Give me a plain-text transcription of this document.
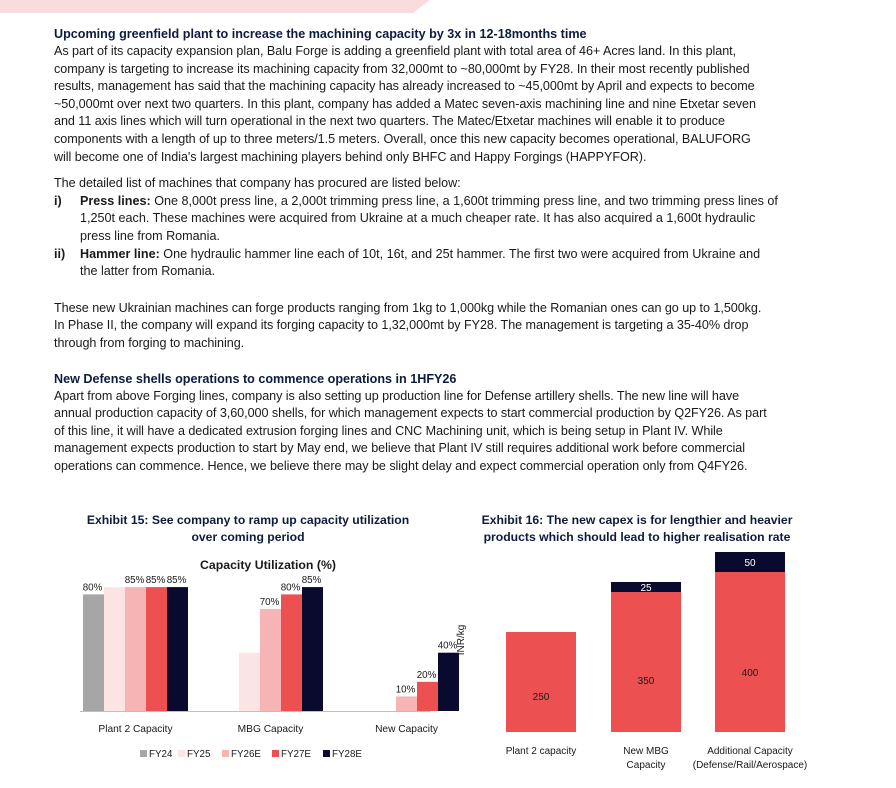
Upcoming greenfield plant to increase the machining capacity by 3x in 12-18months time

As part of its capacity expansion plan, Balu Forge is adding a greenfield plant with total area of 46+ Acres land. In this plant,

company is targeting to increase its machining capacity from 32,000mt to ~80,000mt by FY28. In their most recently published

results, management has said that the machining capacity has already increased to ~45,000mt by April and expects to become

~50,000mt over next two quarters. In this plant, company has added a Matec seven-axis machining line and nine Etxetar seven

and 11 axis lines which will turn operational in the next two quarters. The Matec/Etxetar machines will enable it to produce

components with a length of up to three meters/1.5 meters. Overall, once this new capacity becomes operational, BALUFORG

will become one of India's largest machining players behind only BHFC and Happy Forgings (HAPPYFOR).

The detailed list of machines that company has procured are listed below:

i)	Press lines: One 8,000t press line, a 2,000t trimming press line, a 1,600t trimming press line, and two trimming press lines of
1,250t each. These machines were acquired from Ukraine at a much cheaper rate. It has also acquired a 1,600t hydraulic
press line from Romania.
ii)	Hammer line: One hydraulic hammer line each of 10t, 16t, and 25t hammer. The first two were acquired from Ukraine and
the latter from Romania.

These new Ukrainian machines can forge products ranging from 1kg to 1,000kg while the Romanian ones can go up to 1,500kg.

In Phase II, the company will expand its forging capacity to 1,32,000mt by FY28. The management is targeting a 35-40% drop

through from forging to machining.

New Defense shells operations to commence operations in 1HFY26

Apart from above Forging lines, company is also setting up production line for Defense artillery shells. The new line will have

annual production capacity of 3,60,000 shells, for which management expects to start commercial production by Q2FY26. As part

of this line, it will have a dedicated extrusion forging lines and CNC Machining unit, which is being setup in Plant IV. While

management expects production to start by May end, we believe that Plant IV still requires additional work before commercial

operations can commence. Hence, we believe there may be slight delay and expect commercial operation only from Q4FY26.

Exhibit 15: See company to ramp up capacity utilization
over coming period
Capacity Utilization (%)
80%
85% 85% 85%
Plant 2 Capacity
70%
80%
85%
MBG Capacity
10%
20%
40%
New Capacity
FY24 FY25 FY26E FY27E FY28E
Exhibit 16: The new capex is for lengthier and heavier
products which should lead to higher realisation rate
INR/kg
250
Plant 2 capacity
350
25
New MBG
Capacity
400
50
Additional Capacity
(Defense/Rail/Aerospace)
